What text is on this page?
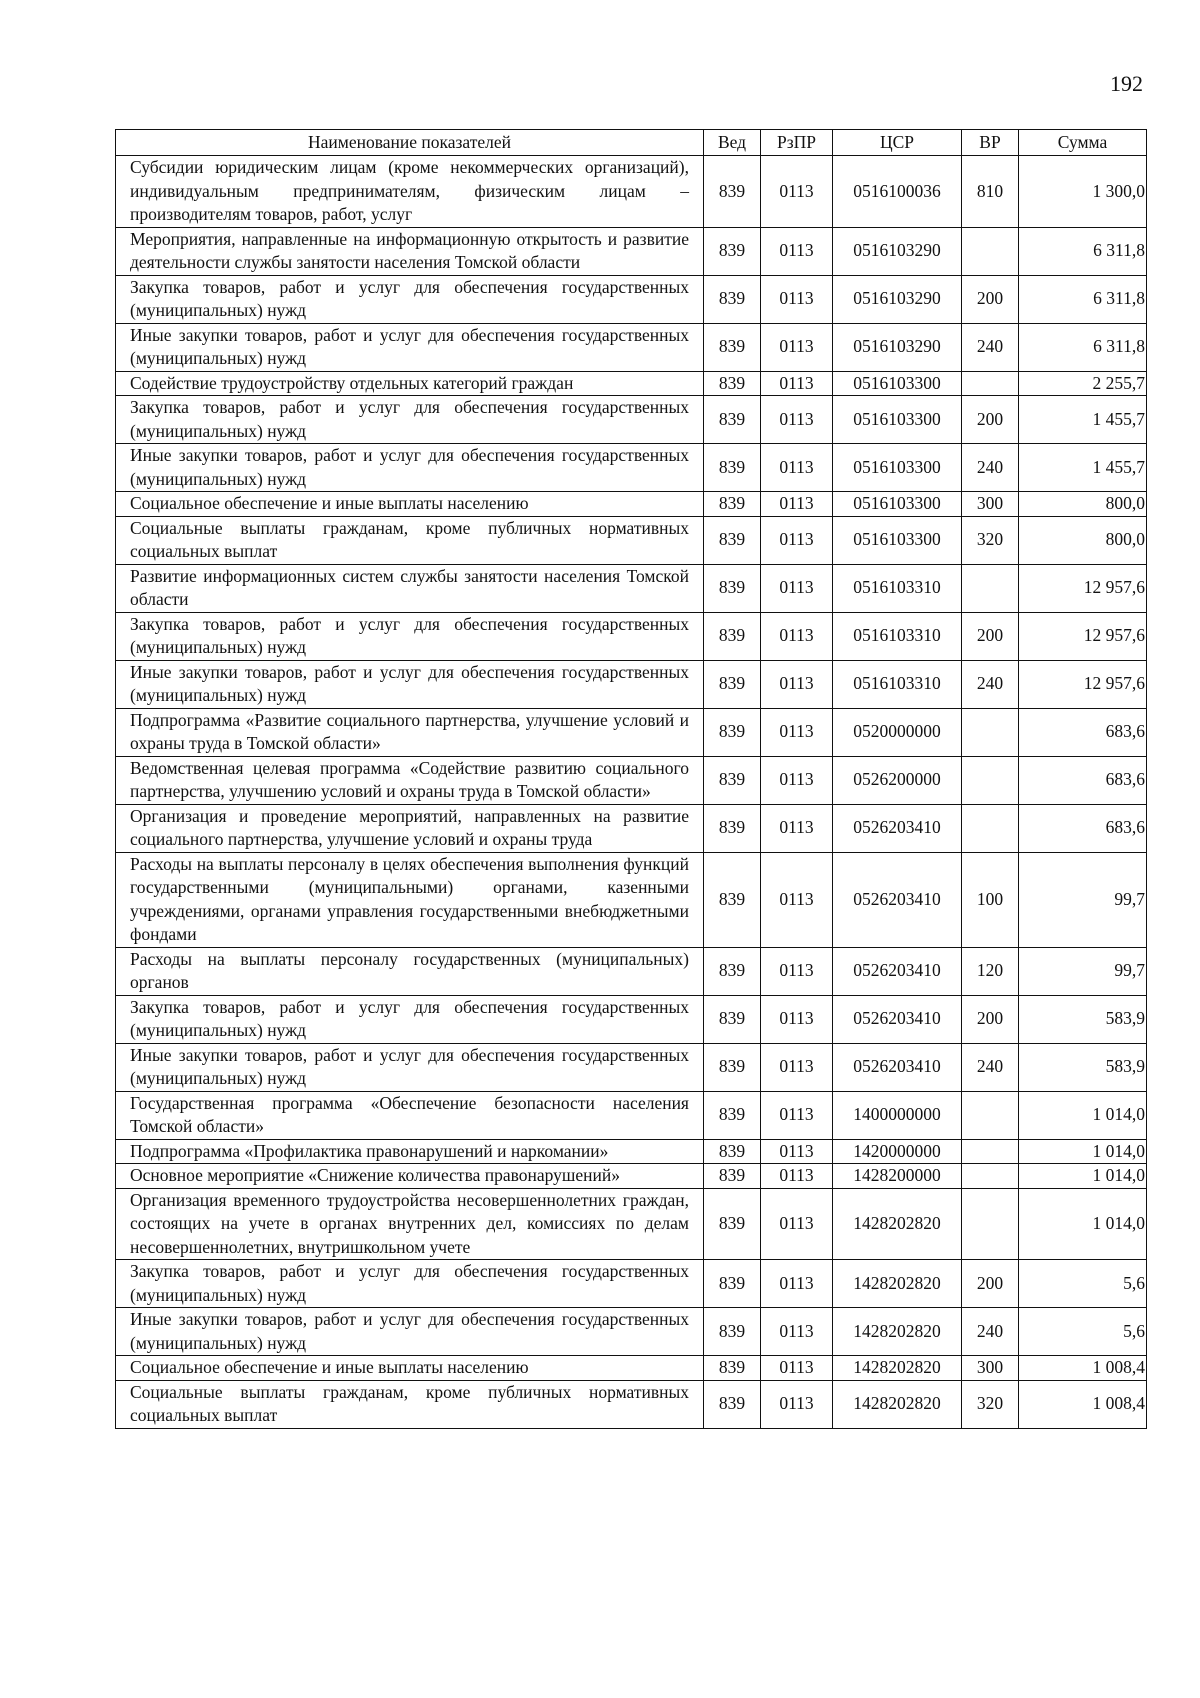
192
Наименование показателей	Вед	РзПР	ЦСР	ВР	Сумма
Субсидии юридическим лицам (кроме некоммерческих организаций), индивидуальным предпринимателям, физическим лицам – производителям товаров, работ, услуг	839	0113	0516100036	810	1 300,0
Мероприятия, направленные на информационную открытость и развитие деятельности службы занятости населения Томской области	839	0113	0516103290		6 311,8
Закупка товаров, работ и услуг для обеспечения государственных (муниципальных) нужд	839	0113	0516103290	200	6 311,8
Иные закупки товаров, работ и услуг для обеспечения государственных (муниципальных) нужд	839	0113	0516103290	240	6 311,8
Содействие трудоустройству отдельных категорий граждан	839	0113	0516103300		2 255,7
Закупка товаров, работ и услуг для обеспечения государственных (муниципальных) нужд	839	0113	0516103300	200	1 455,7
Иные закупки товаров, работ и услуг для обеспечения государственных (муниципальных) нужд	839	0113	0516103300	240	1 455,7
Социальное обеспечение и иные выплаты населению	839	0113	0516103300	300	800,0
Социальные выплаты гражданам, кроме публичных нормативных социальных выплат	839	0113	0516103300	320	800,0
Развитие информационных систем службы занятости населения Томской области	839	0113	0516103310		12 957,6
Закупка товаров, работ и услуг для обеспечения государственных (муниципальных) нужд	839	0113	0516103310	200	12 957,6
Иные закупки товаров, работ и услуг для обеспечения государственных (муниципальных) нужд	839	0113	0516103310	240	12 957,6
Подпрограмма «Развитие социального партнерства, улучшение условий и охраны труда в Томской области»	839	0113	0520000000		683,6
Ведомственная целевая программа «Содействие развитию социального партнерства, улучшению условий и охраны труда в Томской области»	839	0113	0526200000		683,6
Организация и проведение мероприятий, направленных на развитие социального партнерства, улучшение условий и охраны труда	839	0113	0526203410		683,6
Расходы на выплаты персоналу в целях обеспечения выполнения функций государственными (муниципальными) органами, казенными учреждениями, органами управления государственными внебюджетными фондами	839	0113	0526203410	100	99,7
Расходы на выплаты персоналу государственных (муниципальных) органов	839	0113	0526203410	120	99,7
Закупка товаров, работ и услуг для обеспечения государственных (муниципальных) нужд	839	0113	0526203410	200	583,9
Иные закупки товаров, работ и услуг для обеспечения государственных (муниципальных) нужд	839	0113	0526203410	240	583,9
Государственная программа «Обеспечение безопасности населения Томской области»	839	0113	1400000000		1 014,0
Подпрограмма «Профилактика правонарушений и наркомании»	839	0113	1420000000		1 014,0
Основное мероприятие «Снижение количества правонарушений»	839	0113	1428200000		1 014,0
Организация временного трудоустройства несовершеннолетних граждан, состоящих на учете в органах внутренних дел, комиссиях по делам несовершеннолетних, внутришкольном учете	839	0113	1428202820		1 014,0
Закупка товаров, работ и услуг для обеспечения государственных (муниципальных) нужд	839	0113	1428202820	200	5,6
Иные закупки товаров, работ и услуг для обеспечения государственных (муниципальных) нужд	839	0113	1428202820	240	5,6
Социальное обеспечение и иные выплаты населению	839	0113	1428202820	300	1 008,4
Социальные выплаты гражданам, кроме публичных нормативных социальных выплат	839	0113	1428202820	320	1 008,4
